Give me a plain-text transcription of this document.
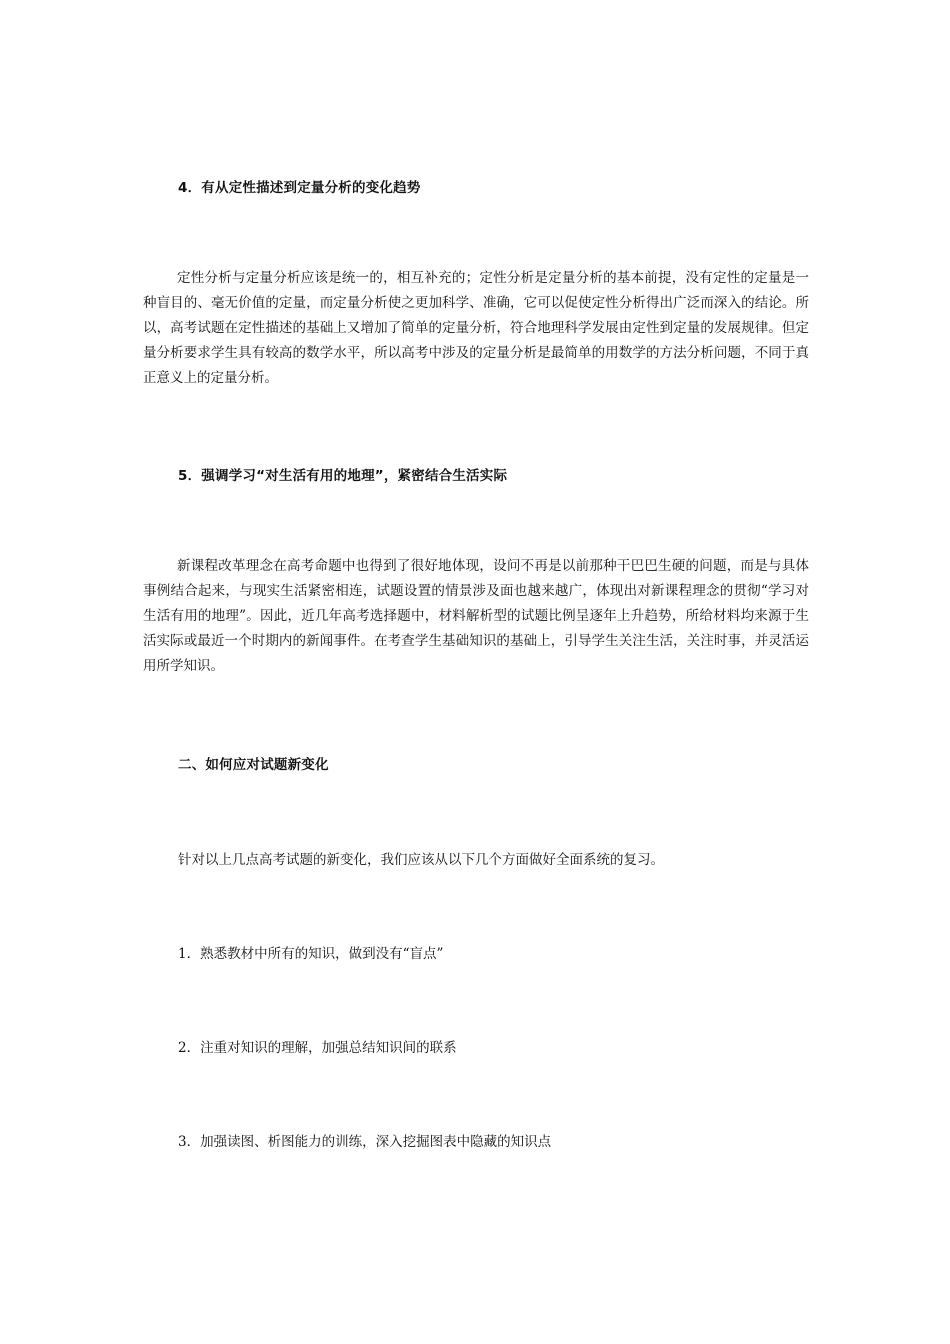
4．有从定性描述到定量分析的变化趋势
定性分析与定量分析应该是统一的，相互补充的；定性分析是定量分析的基本前提，没有定性的定量是一种盲目的、毫无价值的定量，而定量分析使之更加科学、准确，它可以促使定性分析得出广泛而深入的结论。所以，高考试题在定性描述的基础上又增加了简单的定量分析，符合地理科学发展由定性到定量的发展规律。但定量分析要求学生具有较高的数学水平，所以高考中涉及的定量分析是最简单的用数学的方法分析问题，不同于真正意义上的定量分析。
5．强调学习“对生活有用的地理”，紧密结合生活实际
新课程改革理念在高考命题中也得到了很好地体现，设问不再是以前那种干巴巴生硬的问题，而是与具体事例结合起来，与现实生活紧密相连，试题设置的情景涉及面也越来越广，体现出对新课程理念的贯彻“学习对生活有用的地理”。因此，近几年高考选择题中，材料解析型的试题比例呈逐年上升趋势，所给材料均来源于生活实际或最近一个时期内的新闻事件。在考查学生基础知识的基础上，引导学生关注生活，关注时事，并灵活运用所学知识。
二、如何应对试题新变化
针对以上几点高考试题的新变化，我们应该从以下几个方面做好全面系统的复习。
1．熟悉教材中所有的知识，做到没有“盲点”
2．注重对知识的理解，加强总结知识间的联系
3．加强读图、析图能力的训练，深入挖掘图表中隐藏的知识点
